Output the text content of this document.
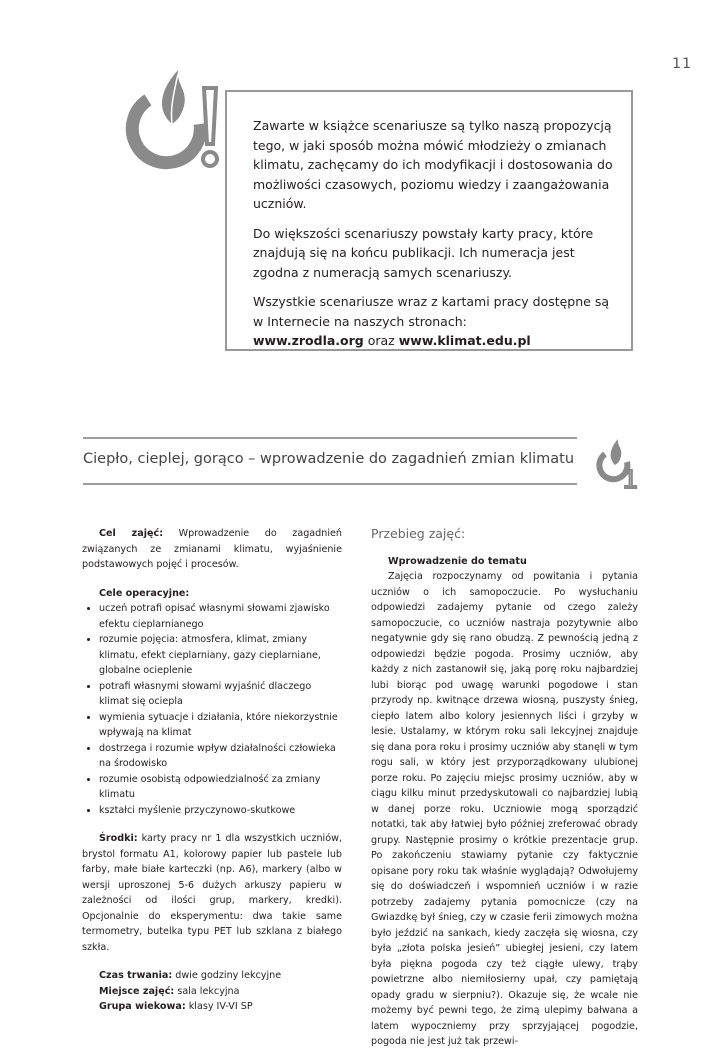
11

Zawarte w książce scenariusze są tylko naszą propozycją tego, w jaki sposób można mówić młodzieży o zmianach klimatu, zachęcamy do ich modyfikacji i dostosowania do możliwości czasowych, poziomu wiedzy i zaangażowania uczniów.

Do większości scenariuszy powstały karty pracy, które znajdują się na końcu publikacji. Ich numeracja jest zgodna z numeracją samych scenariuszy.

Wszystkie scenariusze wraz z kartami pracy dostępne są w Internecie na naszych stronach:
www.zrodla.org oraz www.klimat.edu.pl

Ciepło, cieplej, gorąco – wprowadzenie do zagadnień zmian klimatu
1

Cel zajęć: Wprowadzenie do zagadnień związanych ze zmianami klimatu, wyjaśnienie podstawowych pojęć i procesów.

Cele operacyjne:

• uczeń potrafi opisać własnymi słowami zjawisko efektu cieplarnianego
• rozumie pojęcia: atmosfera, klimat, zmiany klimatu, efekt cieplarniany, gazy cieplarniane, globalne ocieplenie
• potrafi własnymi słowami wyjaśnić dlaczego klimat się ociepla
• wymienia sytuacje i działania, które niekorzystnie wpływają na klimat
• dostrzega i rozumie wpływ działalności człowieka na środowisko
• rozumie osobistą odpowiedzialność za zmiany klimatu
• kształci myślenie przyczynowo-skutkowe

Środki: karty pracy nr 1 dla wszystkich uczniów, brystol formatu A1, kolorowy papier lub pastele lub farby, małe białe karteczki (np. A6), markery (albo w wersji uproszonej 5-6 dużych arkuszy papieru w zależności od ilości grup, markery, kredki). Opcjonalnie do eksperymentu: dwa takie same termometry, butelka typu PET lub szklana z białego szkła.

Czas trwania: dwie godziny lekcyjne

Miejsce zajęć: sala lekcyjna

Grupa wiekowa: klasy IV-VI SP

Przebieg zajęć:

Wprowadzenie do tematu

Zajęcia rozpoczynamy od powitania i pytania uczniów o ich samopoczucie. Po wysłuchaniu odpowiedzi zadajemy pytanie od czego zależy samopoczucie, co uczniów nastraja pozytywnie albo negatywnie gdy się rano obudzą. Z pewnością jedną z odpowiedzi będzie pogoda. Prosimy uczniów, aby każdy z nich zastanowił się, jaką porę roku najbardziej lubi biorąc pod uwagę warunki pogodowe i stan przyrody np. kwitnące drzewa wiosną, puszysty śnieg, ciepło latem albo kolory jesiennych liści i grzyby w lesie. Ustalamy, w którym roku sali lekcyjnej znajduje się dana pora roku i prosimy uczniów aby stanęli w tym rogu sali, w który jest przyporządkowany ulubionej porze roku. Po zajęciu miejsc prosimy uczniów, aby w ciągu kilku minut przedyskutowali co najbardziej lubią w danej porze roku. Uczniowie mogą sporządzić notatki, tak aby łatwiej było później zreferować obrady grupy. Następnie prosimy o krótkie prezentacje grup. Po zakończeniu stawiamy pytanie czy faktycznie opisane pory roku tak właśnie wyglądają? Odwołujemy się do doświadczeń i wspomnień uczniów i w razie potrzeby zadajemy pytania pomocnicze (czy na Gwiazdkę był śnieg, czy w czasie ferii zimowych można było jeździć na sankach, kiedy zaczęła się wiosna, czy była „złota polska jesień” ubiegłej jesieni, czy latem była piękna pogoda czy też ciągłe ulewy, trąby powietrzne albo niemiłosierny upał, czy pamiętają opady gradu w sierpniu?). Okazuje się, że wcale nie możemy być pewni tego, że zimą ulepimy bałwana a latem wypoczniemy przy sprzyjającej pogodzie, pogoda nie jest już tak przewi-
